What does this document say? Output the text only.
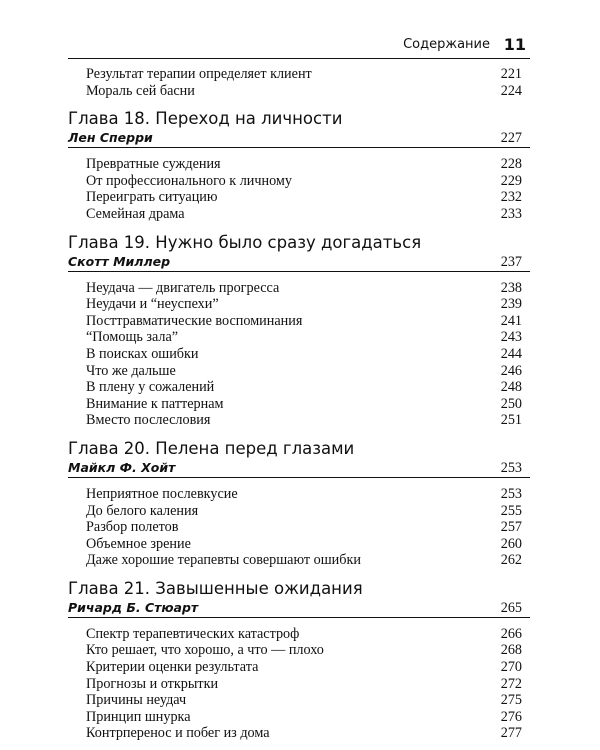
Содержание 11
Результат терапии определяет клиент	221
Мораль сей басни	224
Глава 18. Переход на личности
Лен Сперри	227
Превратные суждения	228
От профессионального к личному	229
Переиграть ситуацию	232
Семейная драма	233
Глава 19. Нужно было сразу догадаться
Скотт Миллер	237
Неудача — двигатель прогресса	238
Неудачи и “неуспехи”	239
Посттравматические воспоминания	241
“Помощь зала”	243
В поисках ошибки	244
Что же дальше	246
В плену у сожалений	248
Внимание к паттернам	250
Вместо послесловия	251
Глава 20. Пелена перед глазами
Майкл Ф. Хойт	253
Неприятное послевкусие	253
До белого каления	255
Разбор полетов	257
Объемное зрение	260
Даже хорошие терапевты совершают ошибки	262
Глава 21. Завышенные ожидания
Ричард Б. Стюарт	265
Спектр терапевтических катастроф	266
Кто решает, что хорошо, а что — плохо	268
Критерии оценки результата	270
Прогнозы и открытки	272
Причины неудач	275
Принцип шнурка	276
Контрперенос и побег из дома	277
